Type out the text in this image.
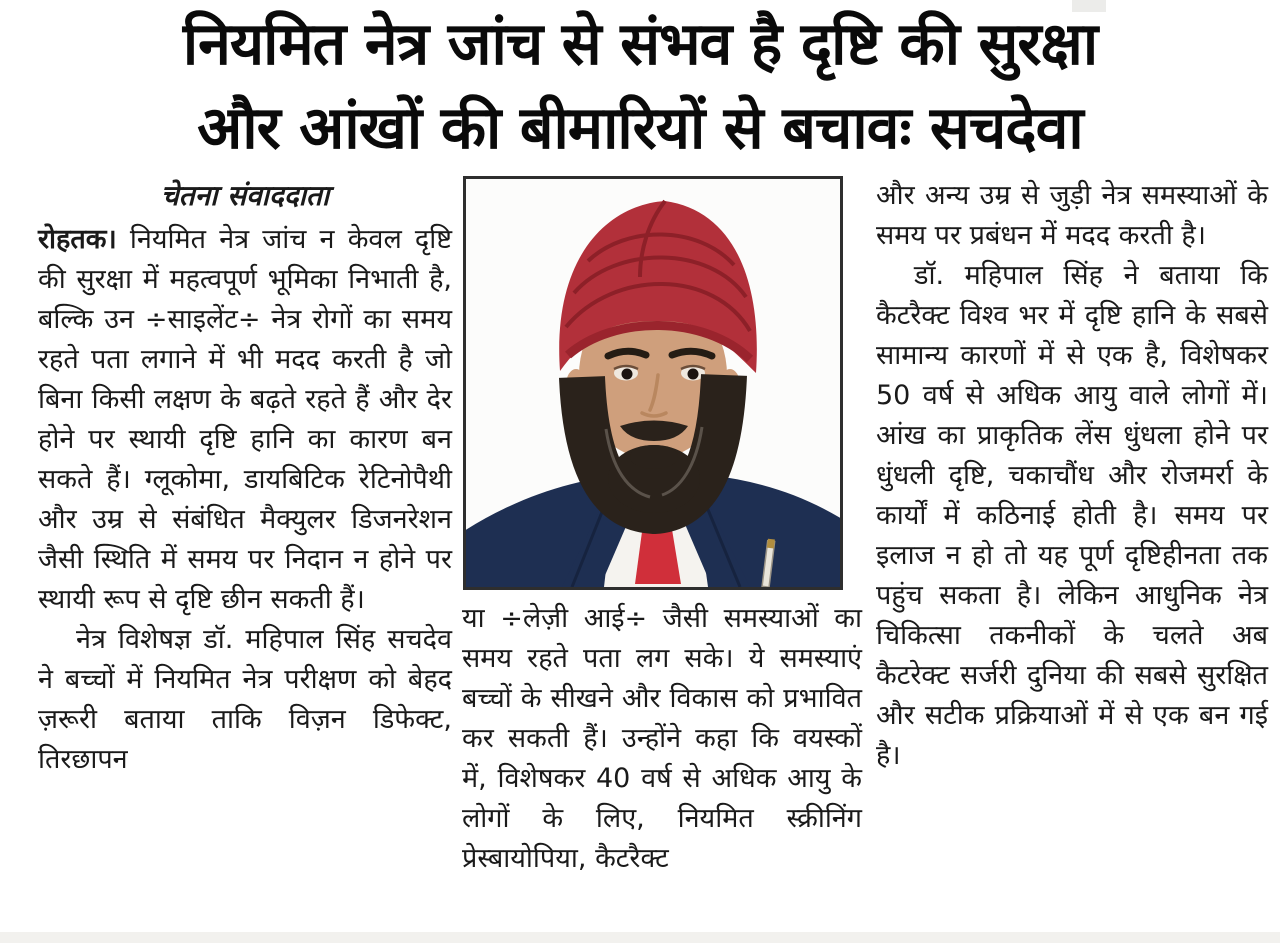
नियमित नेत्र जांच से संभव है दृष्टि की सुरक्षा
और आंखों की बीमारियों से बचावः सचदेवा
चेतना संवाददाता

रोहतक। नियमित नेत्र जांच न केवल दृष्टि की सुरक्षा में महत्वपूर्ण भूमिका निभाती है, बल्कि उन ÷साइलेंट÷ नेत्र रोगों का समय रहते पता लगाने में भी मदद करती है जो बिना किसी लक्षण के बढ़ते रहते हैं और देर होने पर स्थायी दृष्टि हानि का कारण बन सकते हैं। ग्लूकोमा, डायबिटिक रेटिनोपैथी और उम्र से संबंधित मैक्युलर डिजनरेशन जैसी स्थिति में समय पर निदान न होने पर स्थायी रूप से दृष्टि छीन सकती हैं।

नेत्र विशेषज्ञ डॉ. महिपाल सिंह सचदेव ने बच्चों में नियमित नेत्र परीक्षण को बेहद ज़रूरी बताया ताकि विज़न डिफेक्ट, तिरछापन

या ÷लेज़ी आई÷ जैसी समस्याओं का समय रहते पता लग सके। ये समस्याएं बच्चों के सीखने और विकास को प्रभावित कर सकती हैं। उन्होंने कहा कि वयस्कों में, विशेषकर 40 वर्ष से अधिक आयु के लोगों के लिए, नियमित स्क्रीनिंग प्रेस्बायोपिया, कैटरैक्ट

और अन्य उम्र से जुड़ी नेत्र समस्याओं के समय पर प्रबंधन में मदद करती है।

डॉ. महिपाल सिंह ने बताया कि कैटरैक्ट विश्व भर में दृष्टि हानि के सबसे सामान्य कारणों में से एक है, विशेषकर 50 वर्ष से अधिक आयु वाले लोगों में। आंख का प्राकृतिक लेंस धुंधला होने पर धुंधली दृष्टि, चकाचौंध और रोजमर्रा के कार्यों में कठिनाई होती है। समय पर इलाज न हो तो यह पूर्ण दृष्टिहीनता तक पहुंच सकता है। लेकिन आधुनिक नेत्र चिकित्सा तकनीकों के चलते अब कैटरेक्ट सर्जरी दुनिया की सबसे सुरक्षित और सटीक प्रक्रियाओं में से एक बन गई है।
